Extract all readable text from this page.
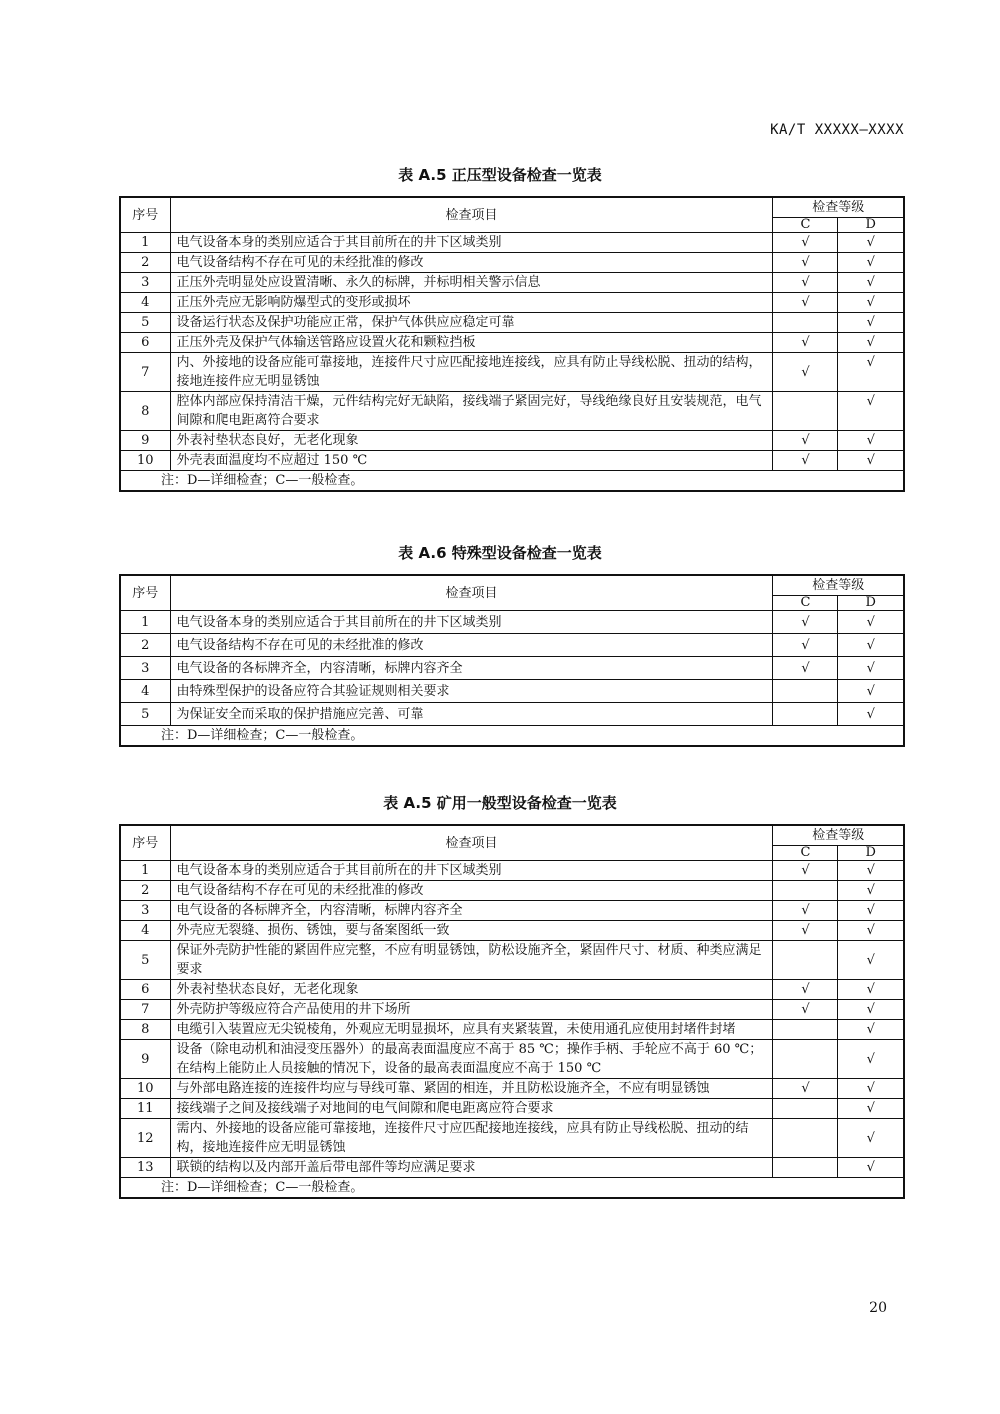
KA/T XXXXX—XXXX
表 A.5 正压型设备检查一览表
序号	检查项目	检查等级	
		C	D
1	电气设备本身的类别应适合于其目前所在的井下区域类别	√	√
2	电气设备结构不存在可见的未经批准的修改	√	√
3	正压外壳明显处应设置清晰、永久的标牌，并标明相关警示信息	√	√
4	正压外壳应无影响防爆型式的变形或损坏	√	√
5	设备运行状态及保护功能应正常，保护气体供应应稳定可靠		√
6	正压外壳及保护气体输送管路应设置火花和颗粒挡板	√	√
7	内、外接地的设备应能可靠接地，连接件尺寸应匹配接地连接线，应具有防止导线松脱、扭动的结构，接地连接件应无明显锈蚀	√	√
8	腔体内部应保持清洁干燥，元件结构完好无缺陷，接线端子紧固完好，导线绝缘良好且安装规范，电气间隙和爬电距离符合要求		√
9	外表衬垫状态良好，无老化现象	√	√
10	外壳表面温度均不应超过 150 ℃	√	√
注：D—详细检查；C—一般检查。			
表 A.6 特殊型设备检查一览表
序号	检查项目	检查等级	
		C	D
1	电气设备本身的类别应适合于其目前所在的井下区域类别	√	√
2	电气设备结构不存在可见的未经批准的修改	√	√
3	电气设备的各标牌齐全，内容清晰，标牌内容齐全	√	√
4	由特殊型保护的设备应符合其验证规则相关要求		√
5	为保证安全而采取的保护措施应完善、可靠		√
注：D—详细检查；C—一般检查。			
表 A.5 矿用一般型设备检查一览表
序号	检查项目	检查等级	
		C	D
1	电气设备本身的类别应适合于其目前所在的井下区域类别	√	√
2	电气设备结构不存在可见的未经批准的修改		√
3	电气设备的各标牌齐全，内容清晰，标牌内容齐全	√	√
4	外壳应无裂缝、损伤、锈蚀，要与备案图纸一致	√	√
5	保证外壳防护性能的紧固件应完整，不应有明显锈蚀，防松设施齐全，紧固件尺寸、材质、种类应满足要求		√
6	外表衬垫状态良好，无老化现象	√	√
7	外壳防护等级应符合产品使用的井下场所	√	√
8	电缆引入装置应无尖锐棱角，外观应无明显损坏，应具有夹紧装置，未使用通孔应使用封堵件封堵		√
9	设备（除电动机和油浸变压器外）的最高表面温度应不高于 85 ℃；操作手柄、手轮应不高于 60 ℃；在结构上能防止人员接触的情况下，设备的最高表面温度应不高于 150 ℃		√
10	与外部电路连接的连接件均应与导线可靠、紧固的相连，并且防松设施齐全，不应有明显锈蚀	√	√
11	接线端子之间及接线端子对地间的电气间隙和爬电距离应符合要求		√
12	需内、外接地的设备应能可靠接地，连接件尺寸应匹配接地连接线，应具有防止导线松脱、扭动的结构，接地连接件应无明显锈蚀		√
13	联锁的结构以及内部开盖后带电部件等均应满足要求		√
注：D—详细检查；C—一般检查。			
20
